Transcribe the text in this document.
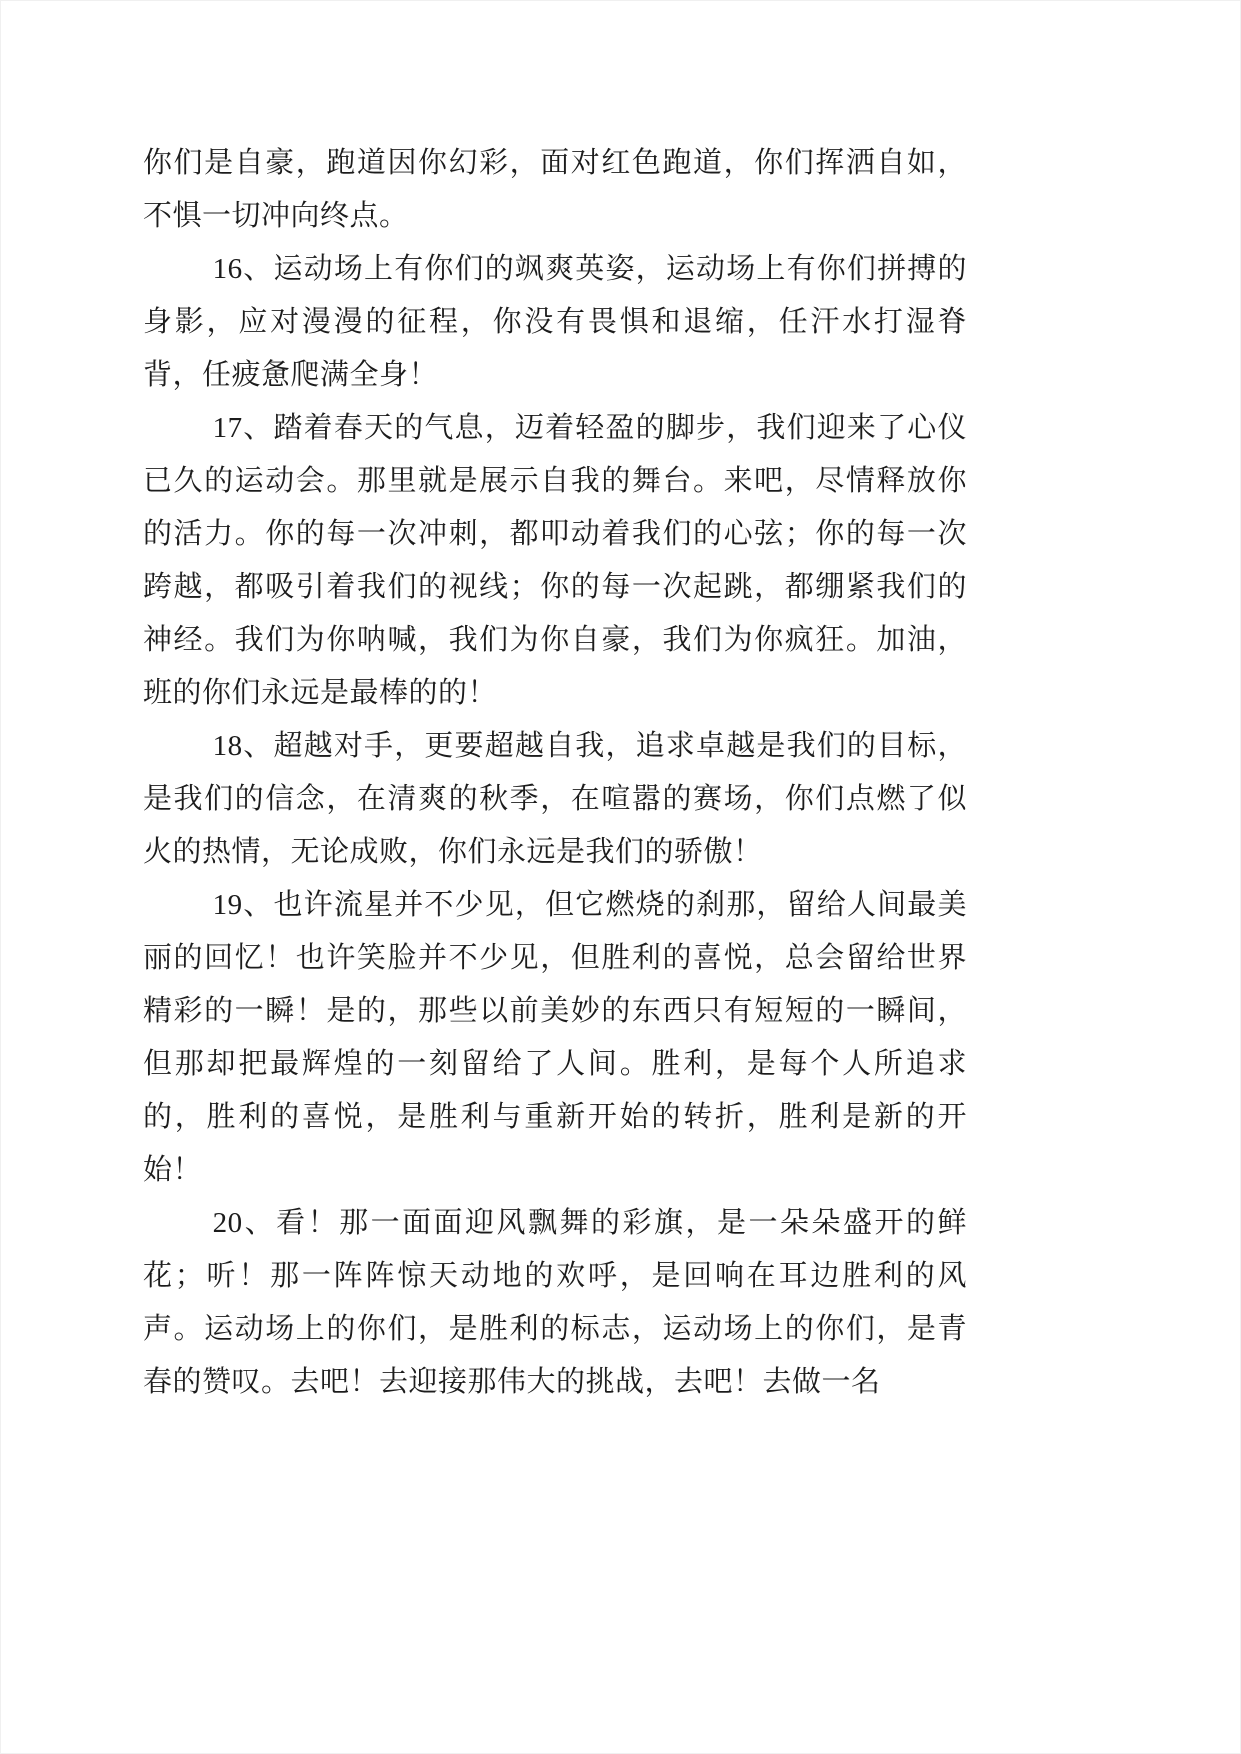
你们是自豪，跑道因你幻彩，面对红色跑道，你们挥洒自如，不惧一切冲向终点。

16、运动场上有你们的飒爽英姿，运动场上有你们拼搏的身影，应对漫漫的征程，你没有畏惧和退缩，任汗水打湿脊背，任疲惫爬满全身！

17、踏着春天的气息，迈着轻盈的脚步，我们迎来了心仪已久的运动会。那里就是展示自我的舞台。来吧，尽情释放你的活力。你的每一次冲刺，都叩动着我们的心弦；你的每一次跨越，都吸引着我们的视线；你的每一次起跳，都绷紧我们的神经。我们为你呐喊，我们为你自豪，我们为你疯狂。加油，班的你们永远是最棒的的！

18、超越对手，更要超越自我，追求卓越是我们的目标，是我们的信念，在清爽的秋季，在喧嚣的赛场，你们点燃了似火的热情，无论成败，你们永远是我们的骄傲！

19、也许流星并不少见，但它燃烧的刹那，留给人间最美丽的回忆！也许笑脸并不少见，但胜利的喜悦，总会留给世界精彩的一瞬！是的，那些以前美妙的东西只有短短的一瞬间，但那却把最辉煌的一刻留给了人间。胜利，是每个人所追求的，胜利的喜悦，是胜利与重新开始的转折，胜利是新的开始！

20、看！那一面面迎风飘舞的彩旗，是一朵朵盛开的鲜花；听！那一阵阵惊天动地的欢呼，是回响在耳边胜利的风声。运动场上的你们，是胜利的标志，运动场上的你们，是青春的赞叹。去吧！去迎接那伟大的挑战，去吧！去做一名
